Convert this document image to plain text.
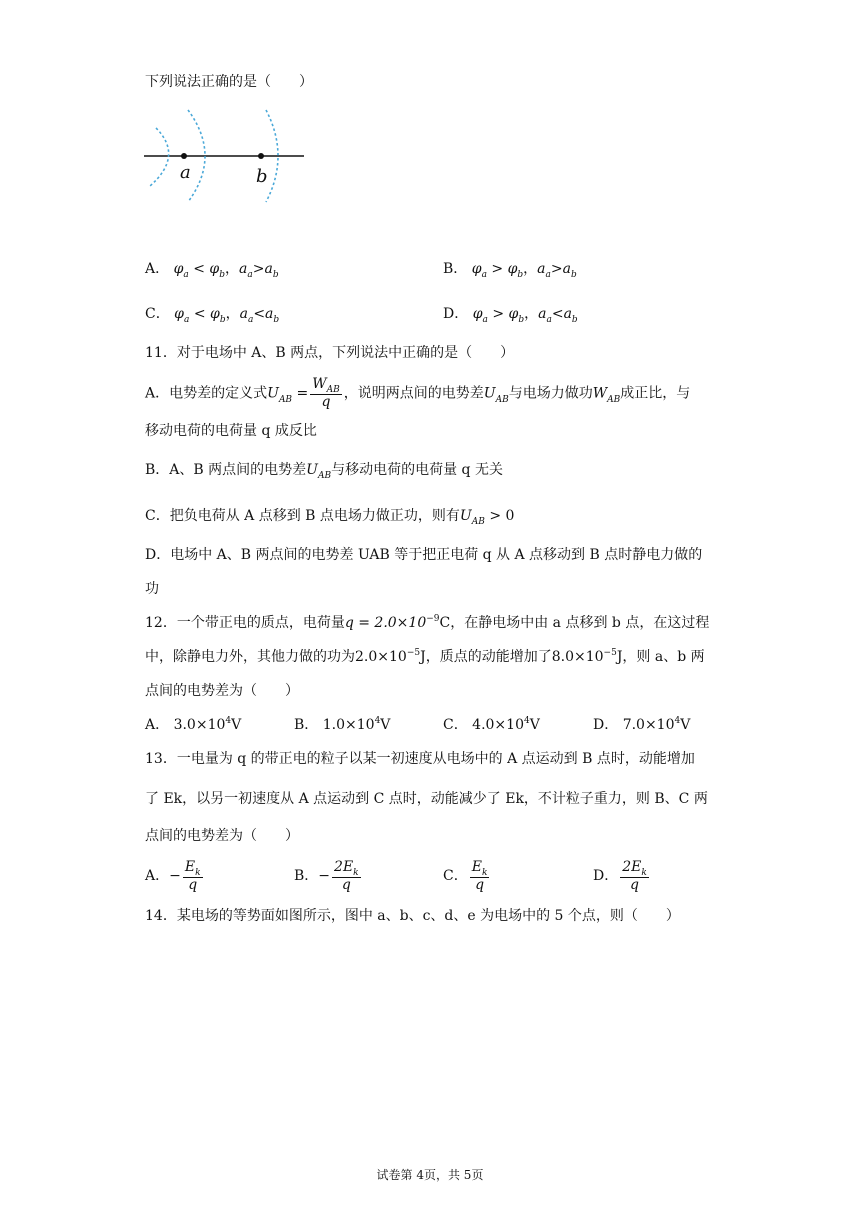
下列说法正确的是（　　）
a	b
A． $\varphi_a < \varphi_b$，$a_a>a_b$	B． $\varphi_a > \varphi_b$，$a_a>a_b$
C． $\varphi_a < \varphi_b$，$a_a<a_b$	D． $\varphi_a > \varphi_b$，$a_a<a_b$
11．对于电场中 A、B 两点，下列说法中正确的是（　　）
A．电势差的定义式$U_{AB} = \frac{W_{AB}}{q}$ ，说明两点间的电势差$U_{AB}$与电场力做功$W_{AB}$成正比，与
移动电荷的电荷量 q 成反比
B．A、B 两点间的电势差$U_{AB}$与移动电荷的电荷量 q 无关
C．把负电荷从 A 点移到 B 点电场力做正功，则有$U_{AB} > 0$
D．电场中 A、B 两点间的电势差 UAB 等于把正电荷 q 从 A 点移动到 B 点时静电力做的
功
12．一个带正电的质点，电荷量$q = 2.0\times 10^{-9}C$，在静电场中由 a 点移到 b 点，在这过程
中，除静电力外，其他力做的功为$2.0\times 10^{-5}J$，质点的动能增加了$8.0\times 10^{-5}J$，则 a、b 两
点间的电势差为（　　）
A． $3.0\times 10^4V$	B． $1.0\times 10^4V$	C． $4.0\times 10^4V$	D． $7.0\times 10^4V$
13．一电量为 q 的带正电的粒子以某一初速度从电场中的 A 点运动到 B 点时，动能增加
了 Ek，以另一初速度从 A 点运动到 C 点时，动能减少了 Ek，不计粒子重力，则 B、C 两
点间的电势差为（　　）
A．− $\frac{E_k}{q}$	B．− $\frac{2E_k}{q}$	C． $\frac{E_k}{q}$	D． $\frac{2E_k}{q}$
14．某电场的等势面如图所示，图中 a、b、c、d、e 为电场中的 5 个点，则（　　）
试卷第 4页，共 5页
